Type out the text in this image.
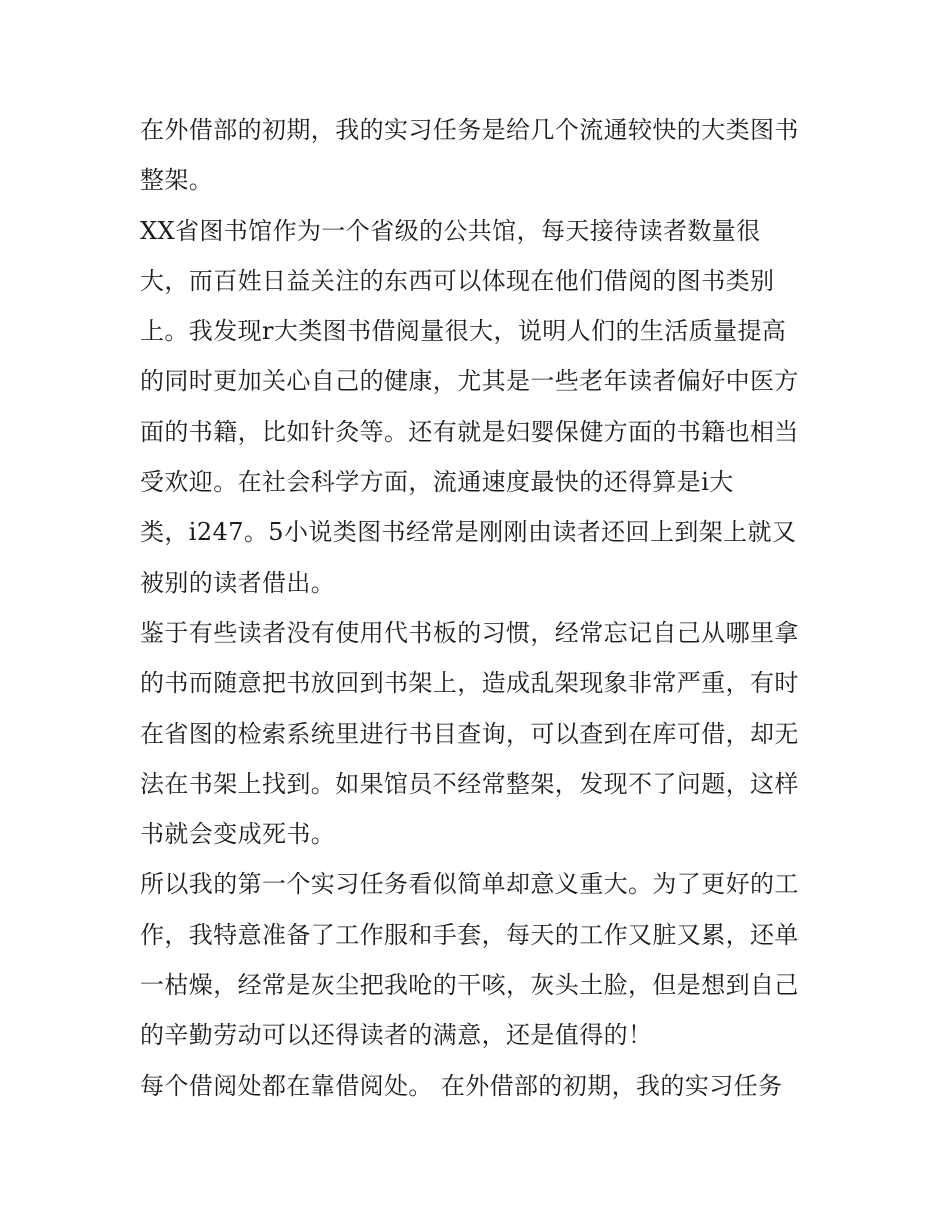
在外借部的初期，我的实习任务是给几个流通较快的大类图书
整架。
XX省图书馆作为一个省级的公共馆，每天接待读者数量很
大，而百姓日益关注的东西可以体现在他们借阅的图书类别
上。我发现r大类图书借阅量很大，说明人们的生活质量提高
的同时更加关心自己的健康，尤其是一些老年读者偏好中医方
面的书籍，比如针灸等。还有就是妇婴保健方面的书籍也相当
受欢迎。在社会科学方面，流通速度最快的还得算是i大
类，i247。5小说类图书经常是刚刚由读者还回上到架上就又
被别的读者借出。
鉴于有些读者没有使用代书板的习惯，经常忘记自己从哪里拿
的书而随意把书放回到书架上，造成乱架现象非常严重，有时
在省图的检索系统里进行书目查询，可以查到在库可借，却无
法在书架上找到。如果馆员不经常整架，发现不了问题，这样
书就会变成死书。
所以我的第一个实习任务看似简单却意义重大。为了更好的工
作，我特意准备了工作服和手套，每天的工作又脏又累，还单
一枯燥，经常是灰尘把我呛的干咳，灰头土脸，但是想到自己
的辛勤劳动可以还得读者的满意，还是值得的！
每个借阅处都在靠借阅处。 在外借部的初期，我的实习任务
